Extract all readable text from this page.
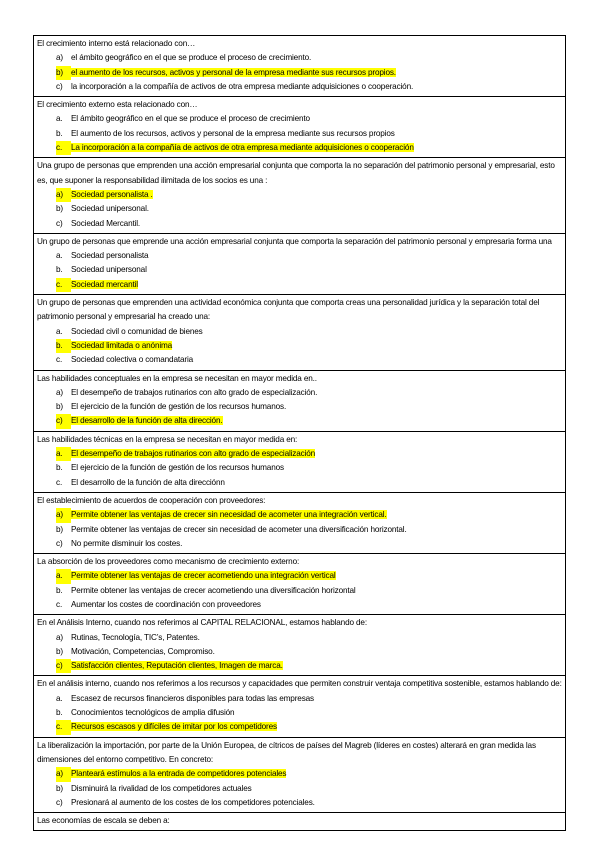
El crecimiento interno está relacionado con…
a) el ámbito geográfico en el que se produce el proceso de crecimiento.
b) el aumento de los recursos, activos y personal de la empresa mediante sus recursos propios.
c) la incorporación a la compañía de activos de otra empresa mediante adquisiciones o cooperación.
El crecimiento externo esta relacionado con…
a. El ámbito geográfico en el que se produce el proceso de crecimiento
b. El aumento de los recursos, activos y personal de la empresa mediante sus recursos propios
c. La incorporación a la compañía de activos de otra empresa mediante adquisiciones o cooperación
Una grupo de personas que emprenden una acción empresarial conjunta que comporta la no separación del patrimonio personal y empresarial, esto es, que suponer la responsabilidad ilimitada de los socios es una :
a) Sociedad personalista .
b) Sociedad unipersonal.
c) Sociedad Mercantil.
Un grupo de personas que emprende una acción empresarial conjunta que comporta la separación del patrimonio personal y empresaria forma una
a. Sociedad personalista
b. Sociedad unipersonal
c. Sociedad mercantil
Un grupo de personas que emprenden una actividad económica conjunta que comporta creas una personalidad jurídica y la separación total del patrimonio personal y empresarial ha creado una:
a. Sociedad civil o comunidad de bienes
b. Sociedad limitada o anónima
c. Sociedad colectiva o comandataria
Las habilidades conceptuales en la empresa se necesitan en mayor medida en..
a) El desempeño de trabajos rutinarios con alto grado de especialización.
b) El ejercicio de la función de gestión de los recursos humanos.
c) El desarrollo de la función de alta dirección.
Las habilidades técnicas en la empresa se necesitan en mayor medida en:
a. El desempeño de trabajos rutinarios con alto grado de especialización
b. El ejercicio de la función de gestión de los recursos humanos
c. El desarrollo de la función de alta direcciónn
El establecimiento de acuerdos de cooperación con proveedores:
a) Permite obtener las ventajas de crecer sin necesidad de acometer una integración vertical.
b) Permite obtener las ventajas de crecer sin necesidad de acometer una diversificación horizontal.
c) No permite disminuir los costes.
La absorción de los proveedores como mecanismo de crecimiento externo:
a. Permite obtener las ventajas de crecer acometiendo una integración vertical
b. Permite obtener las ventajas de crecer acometiendo una diversificación horizontal
c. Aumentar los costes de coordinación con proveedores
En el Análisis Interno, cuando nos referimos al CAPITAL RELACIONAL, estamos hablando de:
a) Rutinas, Tecnología, TIC’s, Patentes.
b) Motivación, Competencias, Compromiso.
c) Satisfacción clientes, Reputación clientes, Imagen de marca.
En el análisis interno, cuando nos referimos a los recursos y capacidades que permiten construir ventaja competitiva sostenible, estamos hablando de:
a. Escasez de recursos financieros disponibles para todas las empresas
b. Conocimientos tecnológicos de amplia difusión
c. Recursos escasos y difíciles de imitar por los competidores
La liberalización la importación, por parte de la Unión Europea, de cítricos de países del Magreb (líderes en costes) alterará en gran medida las dimensiones del entorno competitivo. En concreto:
a) Planteará estímulos a la entrada de competidores potenciales
b) Disminuirá la rivalidad de los competidores actuales
c) Presionará al aumento de los costes de los competidores potenciales.
Las economías de escala se deben a:
